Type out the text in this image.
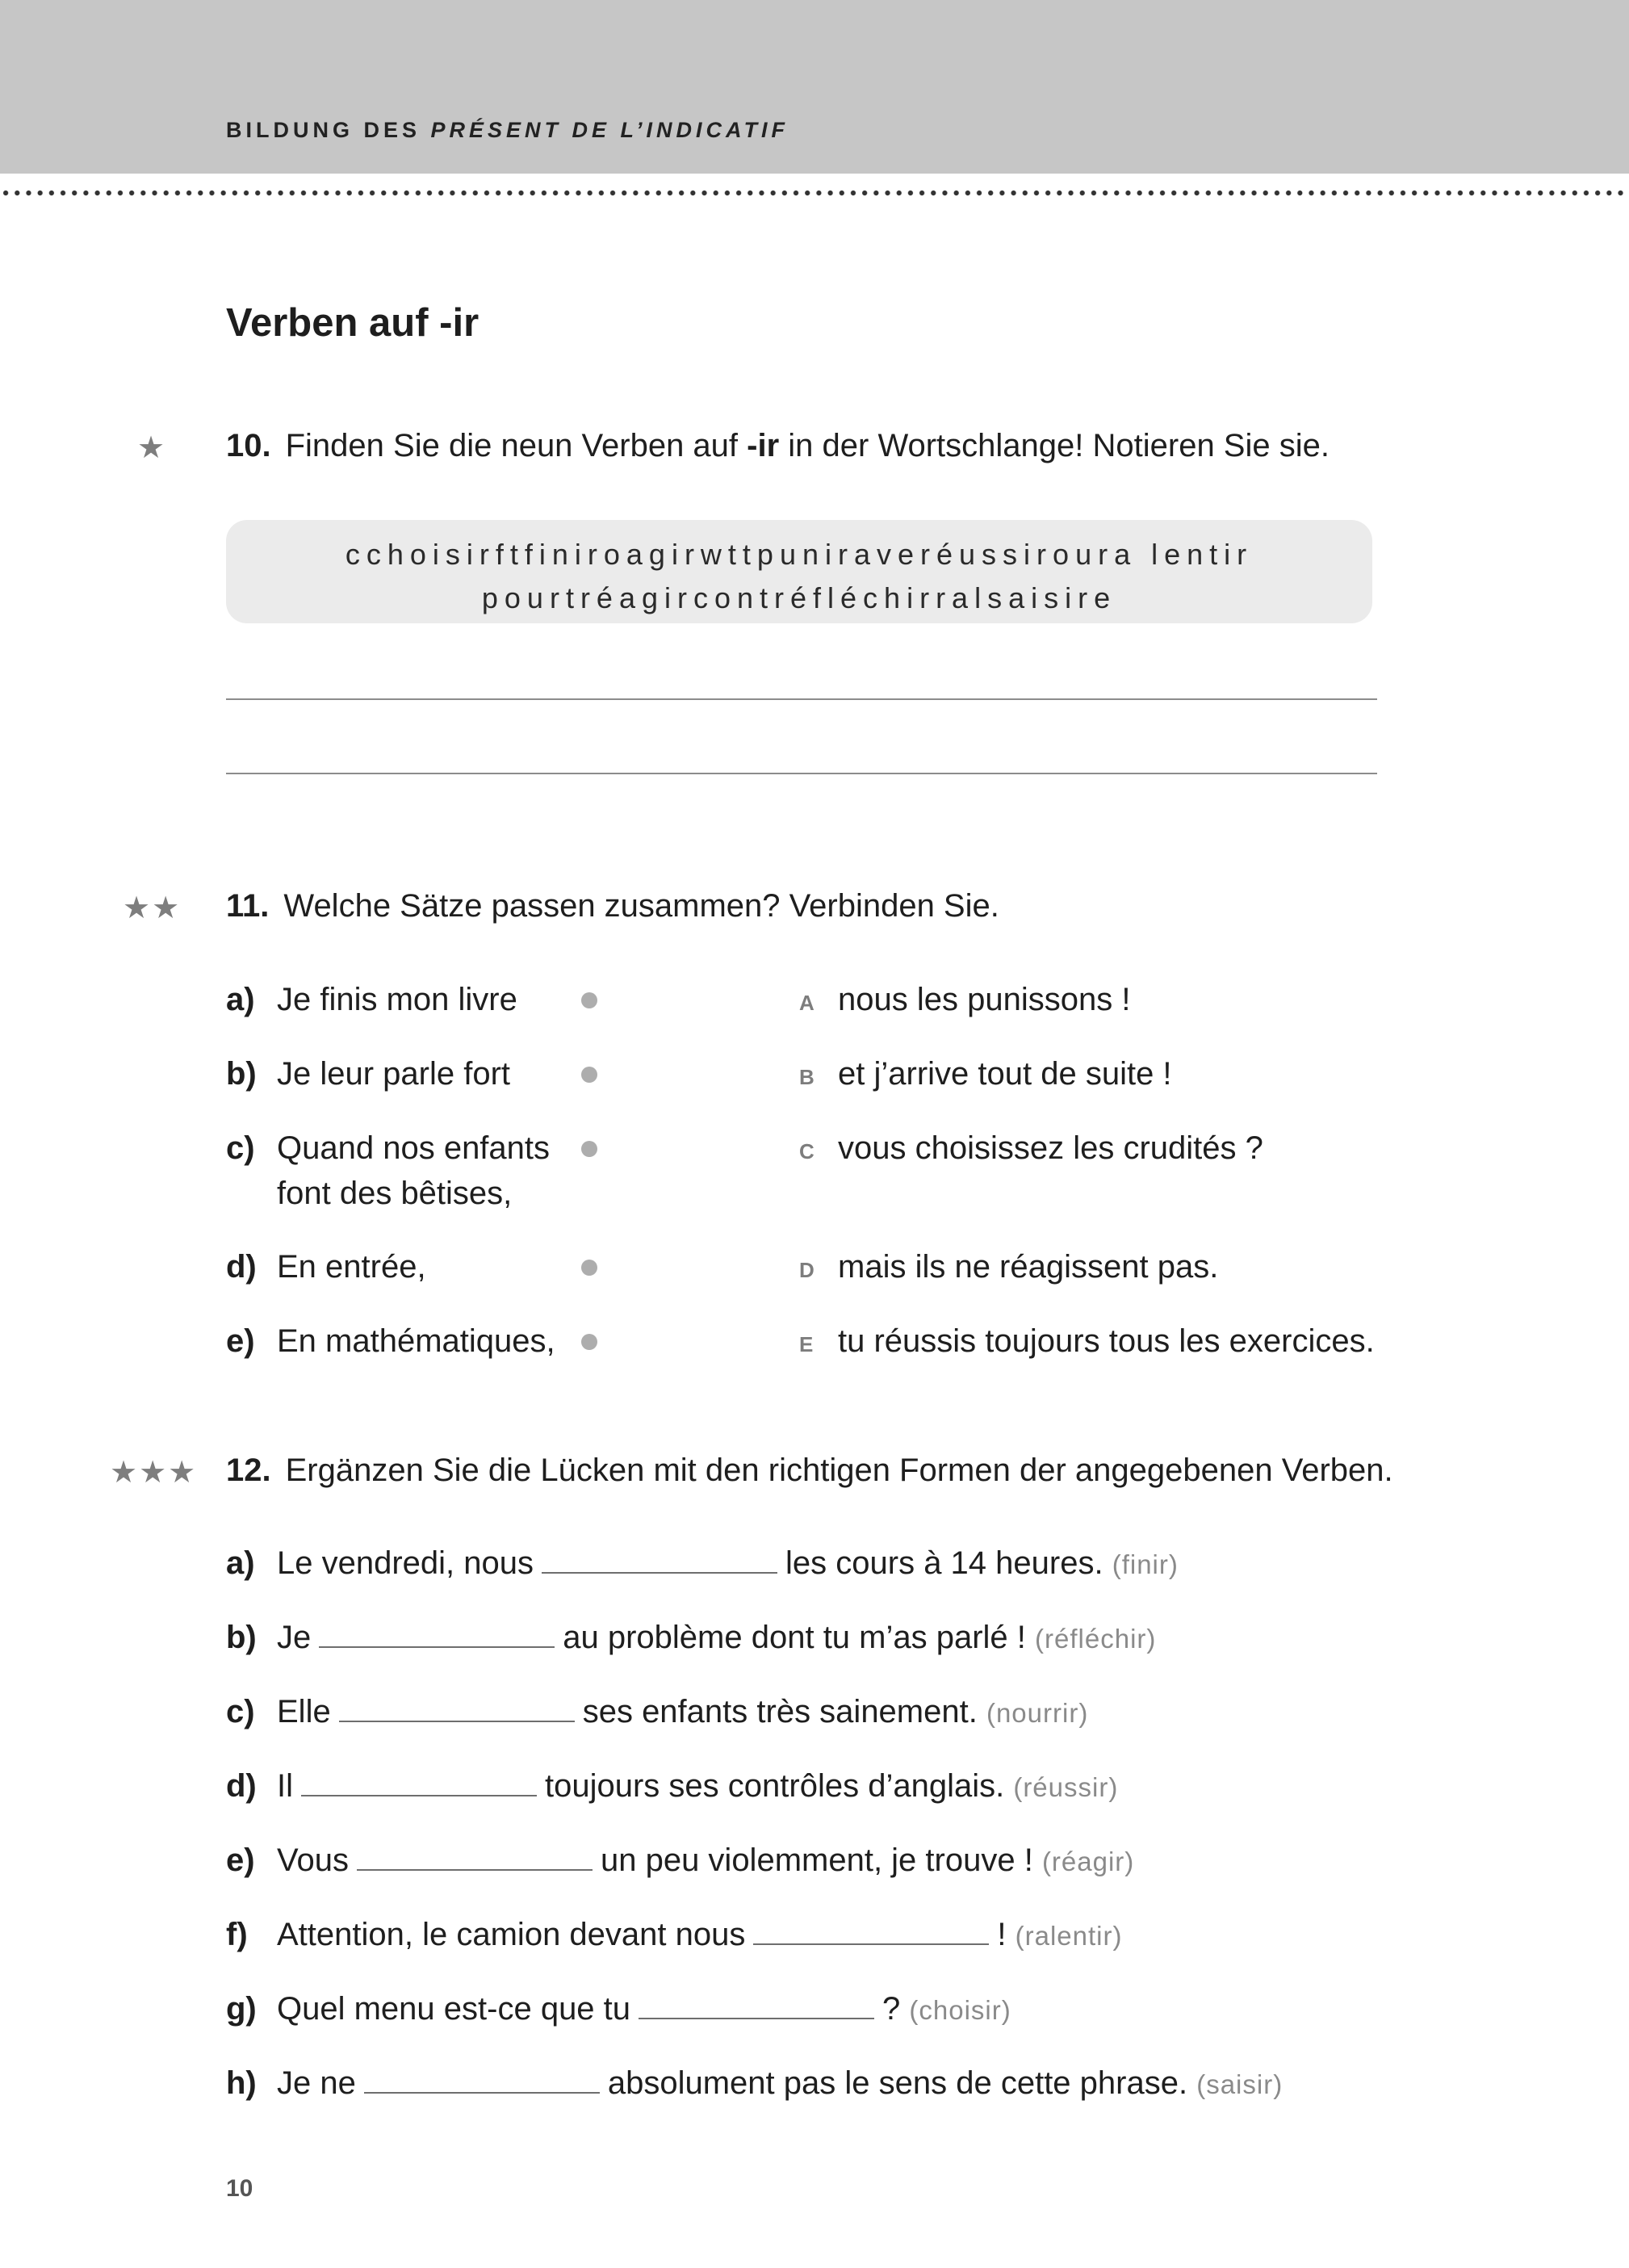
BILDUNG DES PRÉSENT DE L’INDICATIF
Verben auf -ir
★ 10. Finden Sie die neun Verben auf -ir in der Wortschlange! Notieren Sie sie.
cchoisirftfiniroagirwttpuniraveréussiroura lentir
pourtréagircontréfléchirralsaisire
★★ 11. Welche Sätze passen zusammen? Verbinden Sie.
a) Je finis mon livre	A nous les punissons !
b) Je leur parle fort	B et j’arrive tout de suite !
c) Quand nos enfants
font des bêtises,
C vous choisissez les crudités ?
d) En entrée,	D mais ils ne réagissent pas.
e) En mathématiques,	E tu réussis toujours tous les exercices.
★★★ 12. Ergänzen Sie die Lücken mit den richtigen Formen der angegebenen Verben.
a) Le vendredi, nous	les cours à 14 heures. (finir)
b) Je	au problème dont tu m’as parlé ! (réfléchir)
c) Elle	ses enfants très sainement. (nourrir)
d) Il	toujours ses contrôles d’anglais. (réussir)
e) Vous	un peu violemment, je trouve ! (réagir)
f) Attention, le camion devant nous	! (ralentir)
g) Quel menu est-ce que tu	? (choisir)
h) Je ne	absolument pas le sens de cette phrase. (saisir)
10
